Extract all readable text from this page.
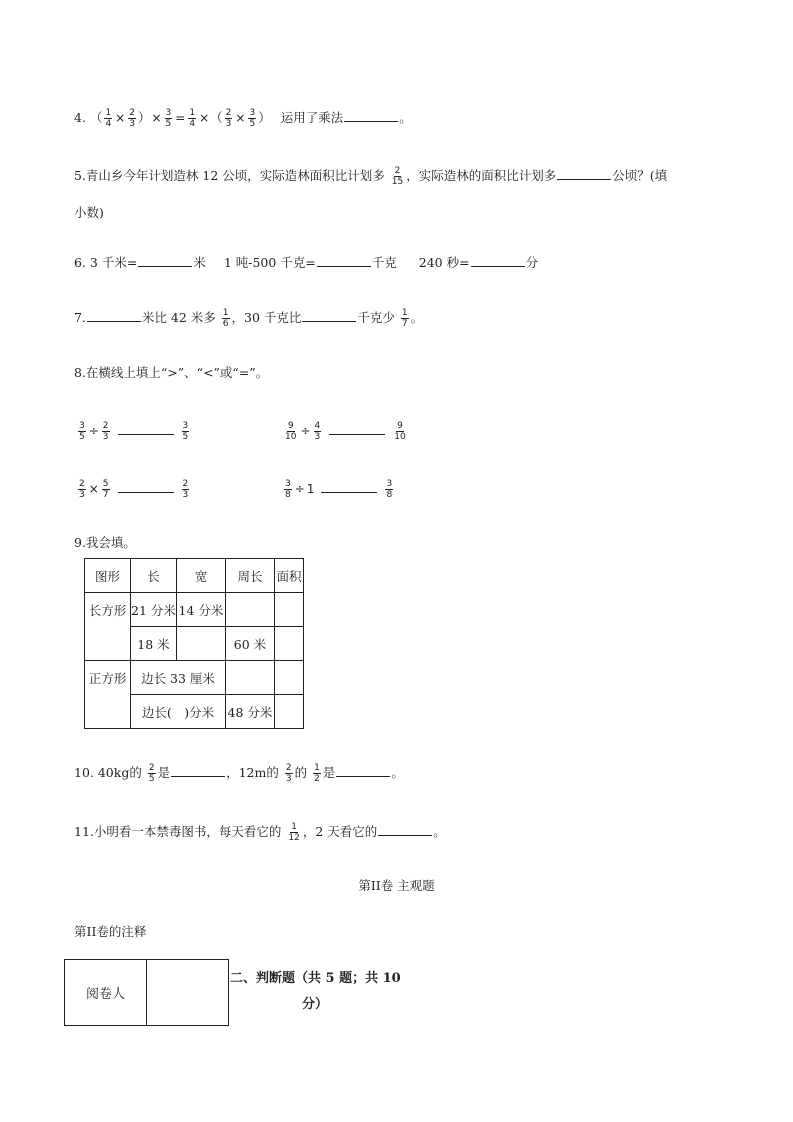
4. （ $\frac{1}{4} \times \frac{2}{3}$ ）× $\frac{3}{5} = \frac{1}{4}$ ×（ $\frac{2}{3} \times \frac{3}{5}$ ） 运用了乘法	。
5.青山乡今年计划造林 12 公顷，实际造林面积比计划多 $\frac{2}{15}$ ，实际造林的面积比计划多	公顷？(填
小数)
6. 3 千米=	米 1 吨-500 千克=	千克 240 秒=	分
7.	米比 42 米多 $\frac{1}{6}$ ，30 千克比	千克少 $\frac{1}{7}$ 。
8.在横线上填上“>”、“<”或“=”。
$\frac{3}{5} \div \frac{2}{3}$	$\frac{3}{5}$	$\frac{9}{10} \div \frac{4}{3}$	$\frac{9}{10}$
$\frac{2}{3} \times \frac{5}{7}$	$\frac{2}{3}$	$\frac{3}{8} \div 1$	$\frac{3}{8}$
9.我会填。
图形	长	宽	周长	面积
长方形	21 分米	14 分米		
	18 米		60 米	
正方形	边长 33 厘米			
	边长(　)分米		48 分米	
10. 40kg的 $\frac{2}{5}$ 是	，12m的 $\frac{2}{3}$ 的 $\frac{1}{2}$ 是	。
11.小明看一本禁毒图书，每天看它的 $\frac{1}{12}$ ，2 天看它的	。
第II卷 主观题
第II卷的注释
阅卷人	
二、判断题（共 5 题；共 10
分）
